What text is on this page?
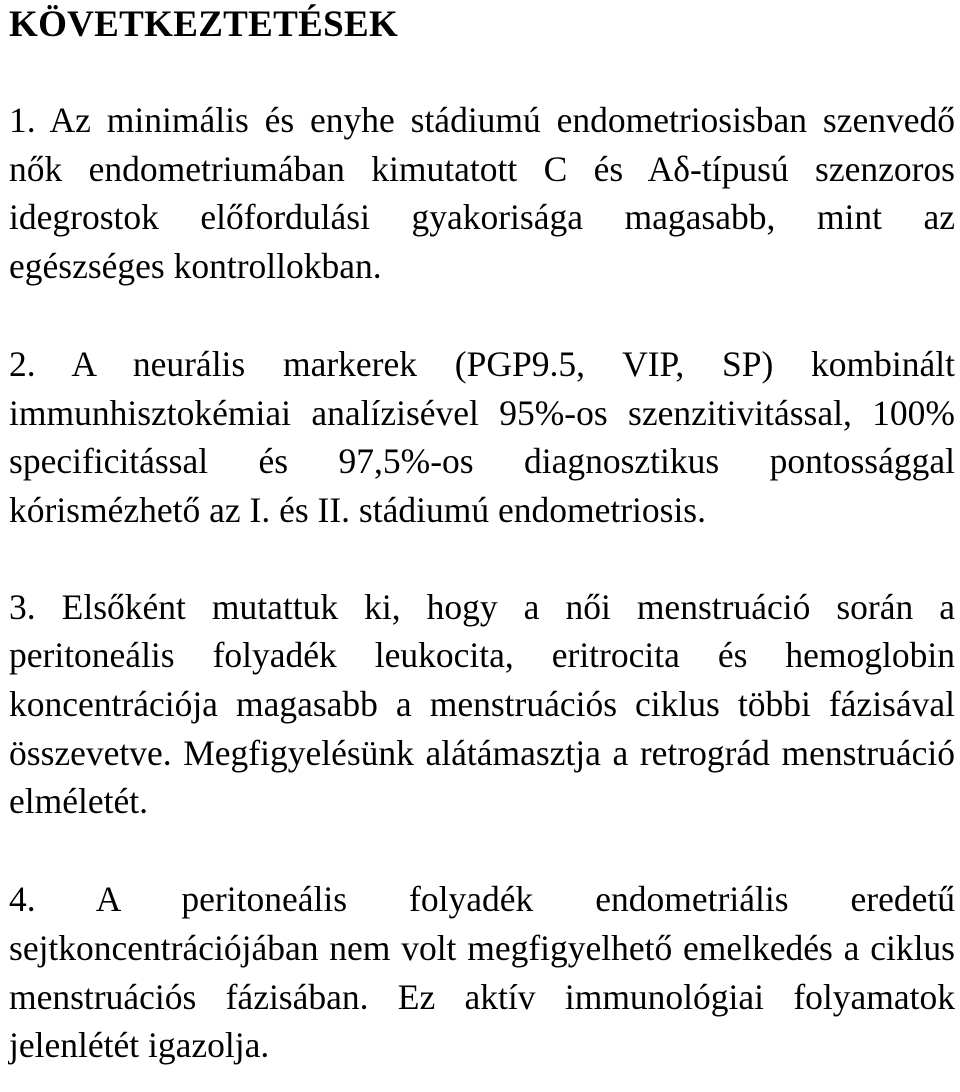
KÖVETKEZTETÉSEK

1. Az minimális és enyhe stádiumú endometriosisban szenvedő nők endometriumában kimutatott C és Aδ-típusú szenzoros idegrostok előfordulási gyakorisága magasabb, mint az egészséges kontrollokban.

2. A neurális markerek (PGP9.5, VIP, SP) kombinált immunhisztokémiai analízisével 95%-os szenzitivitással, 100% specificitással és 97,5%-os diagnosztikus pontossággal kórismézhető az I. és II. stádiumú endometriosis.

3. Elsőként mutattuk ki, hogy a női menstruáció során a peritoneális folyadék leukocita, eritrocita és hemoglobin koncentrációja magasabb a menstruációs ciklus többi fázisával összevetve. Megfigyelésünk alátámasztja a retrográd menstruáció elméletét.

4. A peritoneális folyadék endometriális eredetű sejtkoncentrációjában nem volt megfigyelhető emelkedés a ciklus menstruációs fázisában. Ez aktív immunológiai folyamatok jelenlétét igazolja.
